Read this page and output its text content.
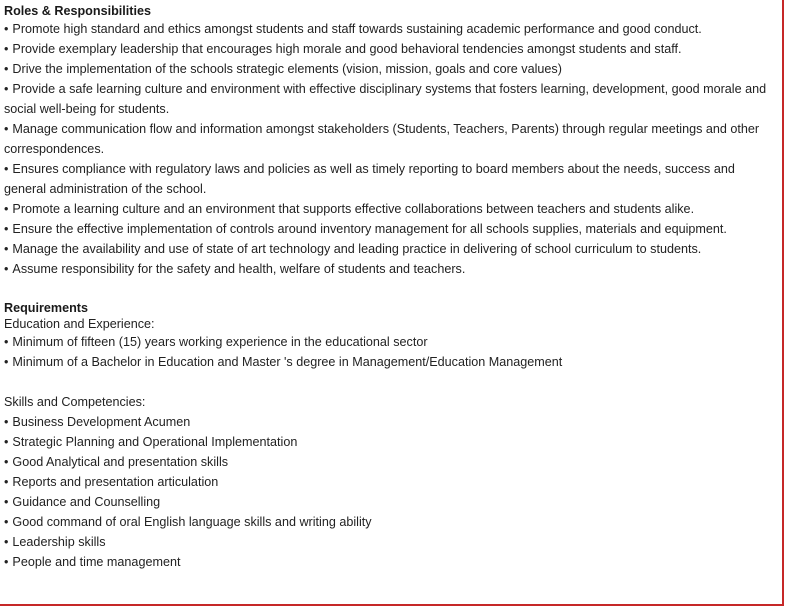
Roles & Responsibilities
• Promote high standard and ethics amongst students and staff towards sustaining academic performance and good conduct.
• Provide exemplary leadership that encourages high morale and good behavioral tendencies amongst students and staff.
• Drive the implementation of the schools strategic elements (vision, mission, goals and core values)
• Provide a safe learning culture and environment with effective disciplinary systems that fosters learning, development, good morale and social well-being for students.
• Manage communication flow and information amongst stakeholders (Students, Teachers, Parents) through regular meetings and other correspondences.
• Ensures compliance with regulatory laws and policies as well as timely reporting to board members about the needs, success and general administration of the school.
• Promote a learning culture and an environment that supports effective collaborations between teachers and students alike.
• Ensure the effective implementation of controls around inventory management for all schools supplies, materials and equipment.
• Manage the availability and use of state of art technology and leading practice in delivering of school curriculum to students.
• Assume responsibility for the safety and health, welfare of students and teachers.
Requirements
Education and Experience:
• Minimum of fifteen (15) years working experience in the educational sector
• Minimum of a Bachelor in Education and Master 's degree in Management/Education Management
Skills and Competencies:
• Business Development Acumen
• Strategic Planning and Operational Implementation
• Good Analytical and presentation skills
• Reports and presentation articulation
• Guidance and Counselling
• Good command of oral English language skills and writing ability
• Leadership skills
• People and time management
